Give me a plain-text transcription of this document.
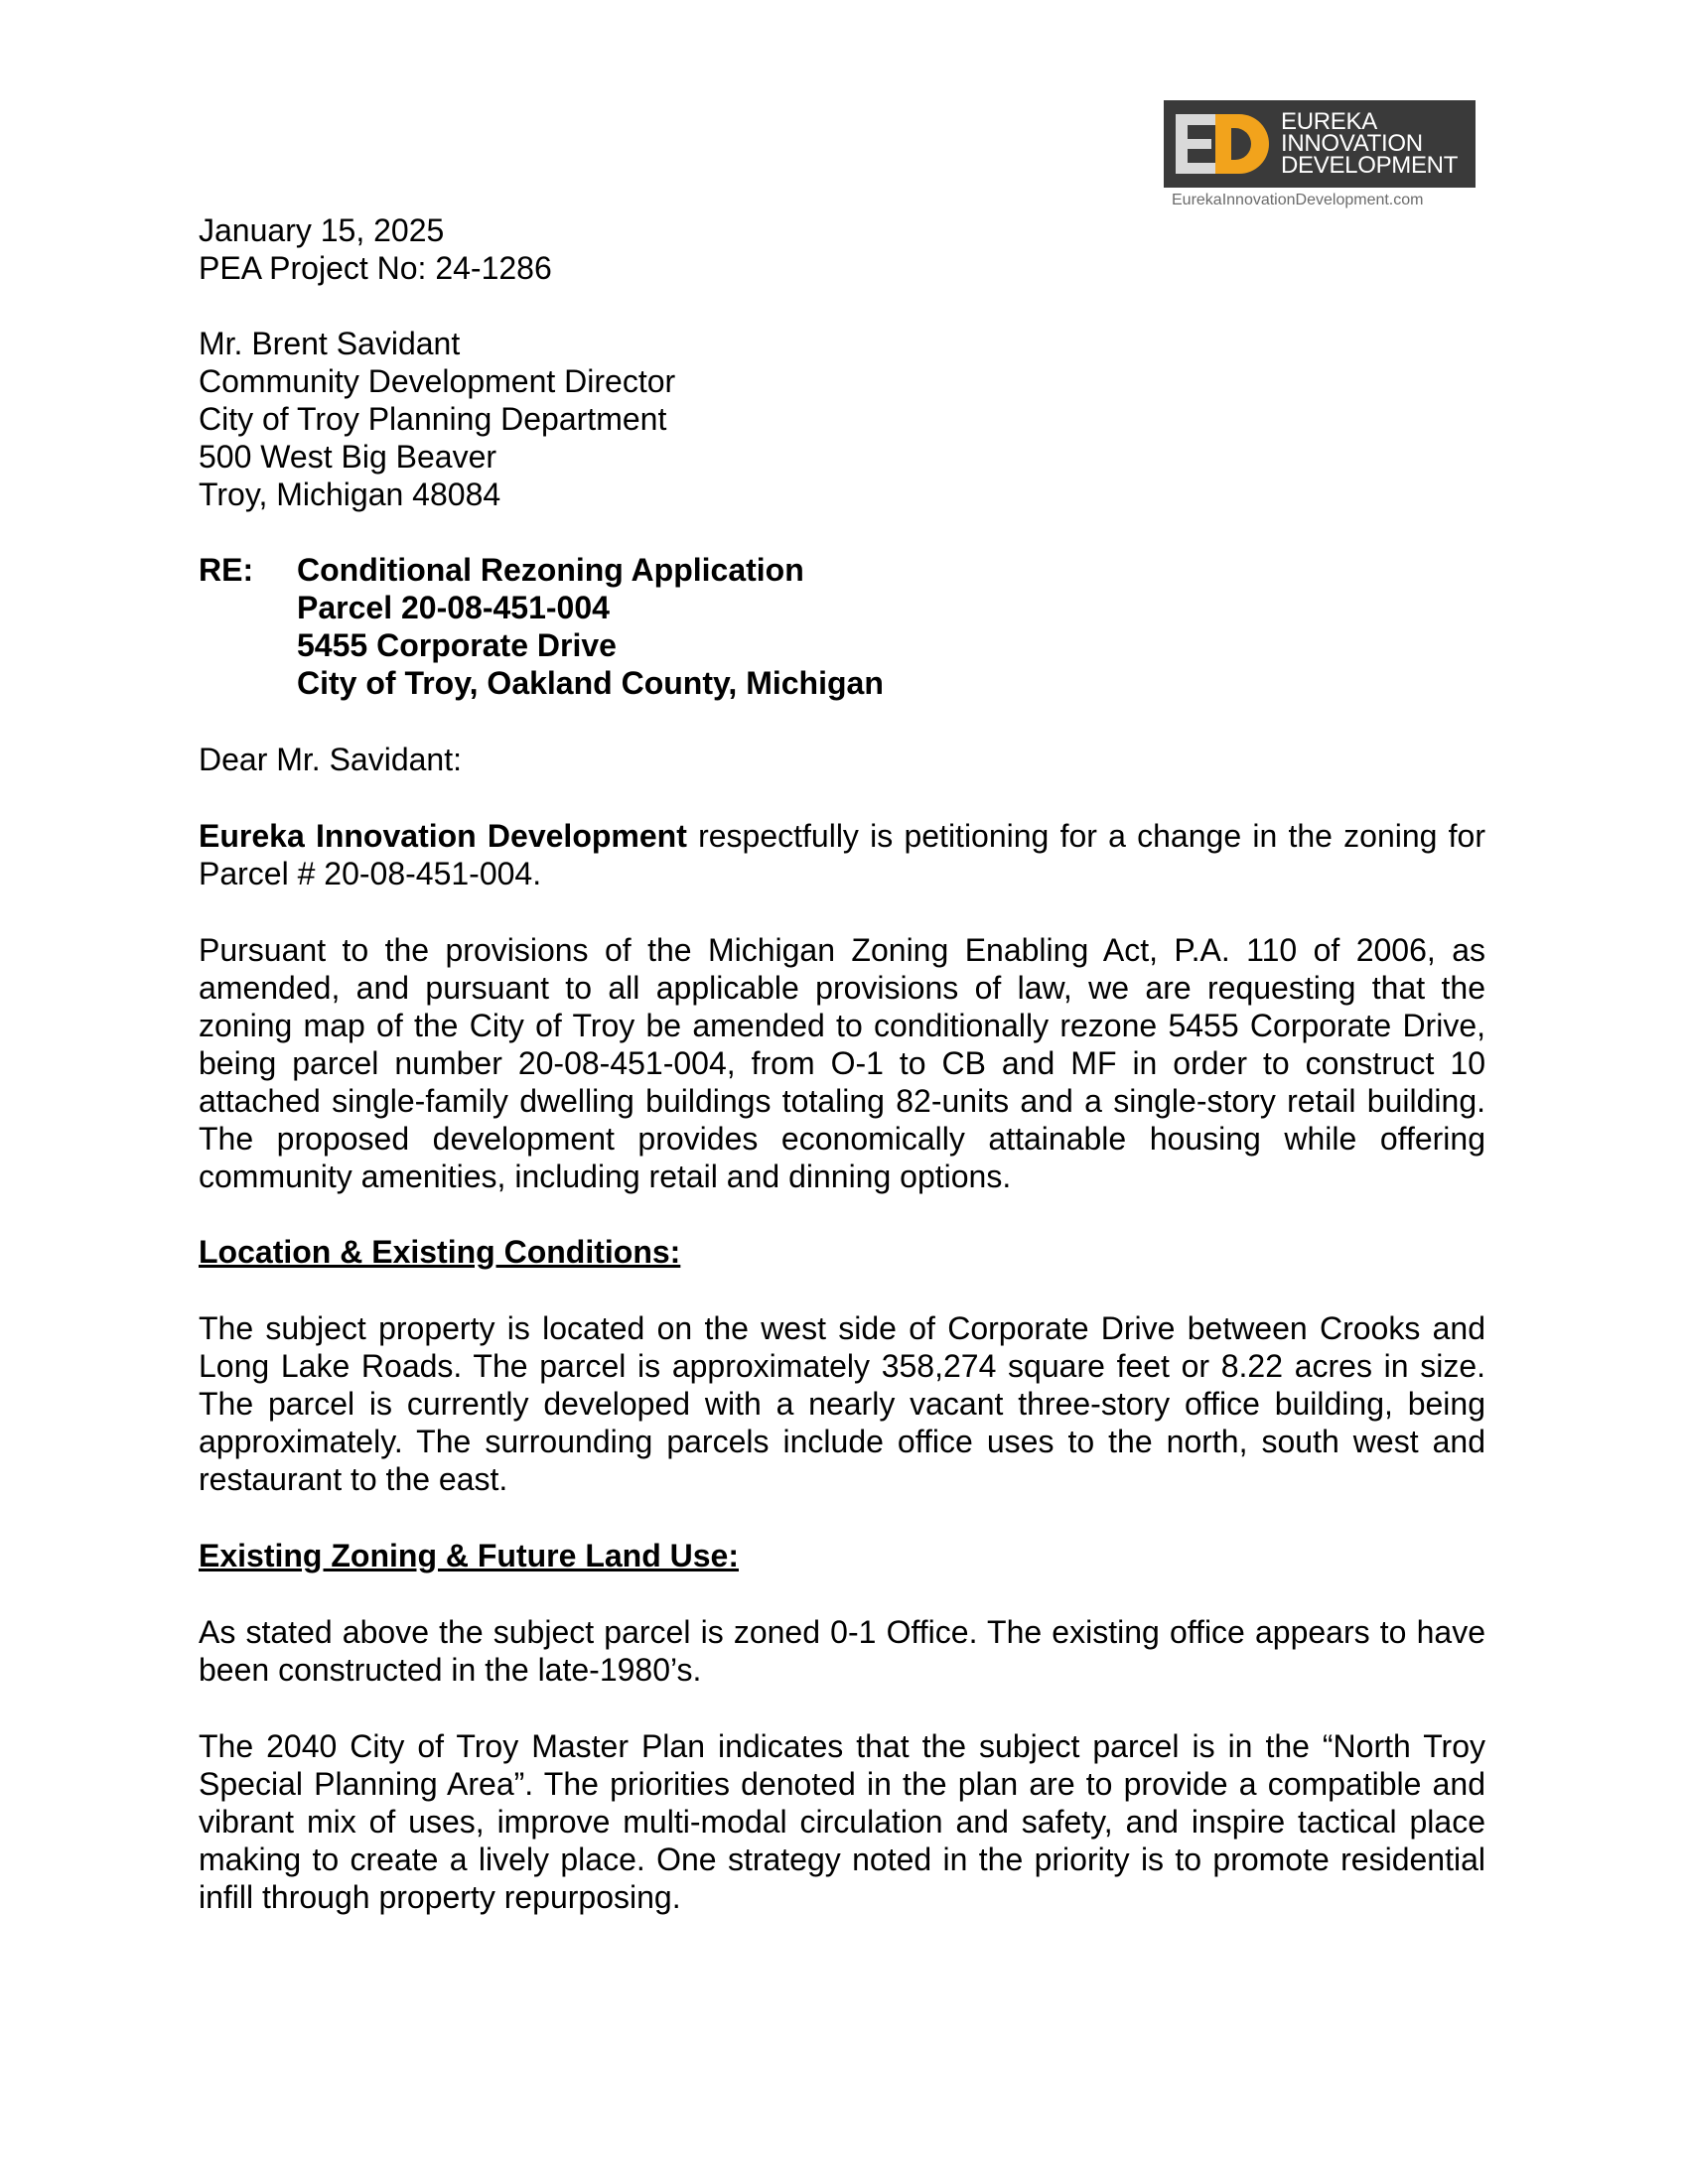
EUREKA
INNOVATION
DEVELOPMENT
EurekaInnovationDevelopment.com
January 15, 2025
PEA Project No: 24-1286
Mr. Brent Savidant
Community Development Director
City of Troy Planning Department
500 West Big Beaver
Troy, Michigan 48084
RE: Conditional Rezoning Application
Parcel 20-08-451-004
5455 Corporate Drive
City of Troy, Oakland County, Michigan
Dear Mr. Savidant:
Eureka Innovation Development respectfully is petitioning for a change in the zoning for Parcel # 20-08-451-004.
Pursuant to the provisions of the Michigan Zoning Enabling Act, P.A. 110 of 2006, as amended, and pursuant to all applicable provisions of law, we are requesting that the zoning map of the City of Troy be amended to conditionally rezone 5455 Corporate Drive, being parcel number 20-08-451-004, from O-1 to CB and MF in order to construct 10 attached single-family dwelling buildings totaling 82-units and a single-story retail building. The proposed development provides economically attainable housing while offering community amenities, including retail and dinning options.
Location & Existing Conditions:
The subject property is located on the west side of Corporate Drive between Crooks and Long Lake Roads. The parcel is approximately 358,274 square feet or 8.22 acres in size. The parcel is currently developed with a nearly vacant three-story office building, being approximately. The surrounding parcels include office uses to the north, south west and restaurant to the east.
Existing Zoning & Future Land Use:
As stated above the subject parcel is zoned 0-1 Office. The existing office appears to have been constructed in the late-1980’s.
The 2040 City of Troy Master Plan indicates that the subject parcel is in the “North Troy Special Planning Area”. The priorities denoted in the plan are to provide a compatible and vibrant mix of uses, improve multi-modal circulation and safety, and inspire tactical place making to create a lively place. One strategy noted in the priority is to promote residential infill through property repurposing.
